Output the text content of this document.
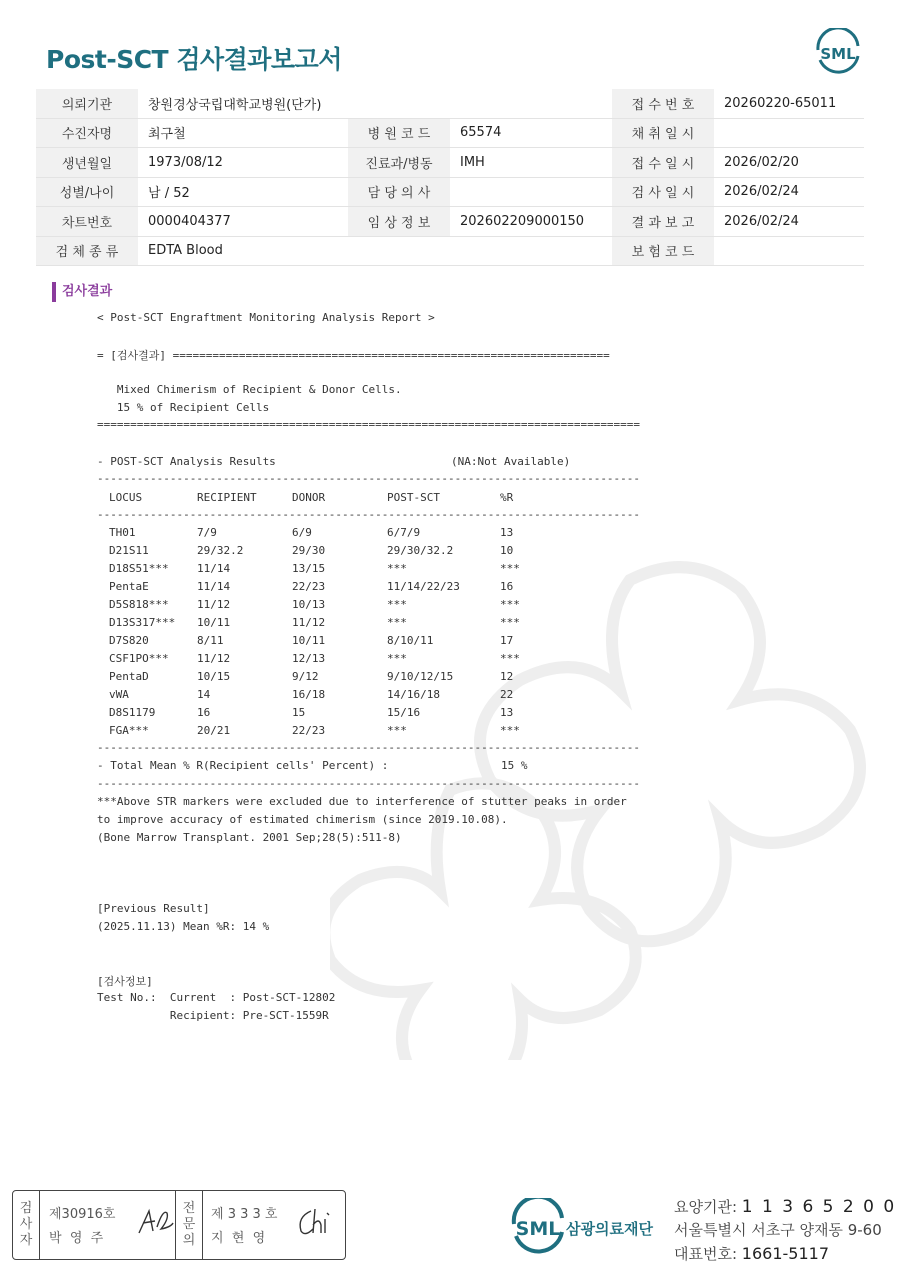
Post-SCT 검사결과보고서	SML
의뢰기관	창원경상국립대학교병원(단가)			접 수 번 호	20260220-65011
수진자명	최구철	병 원 코 드	65574	채 취 일 시	
생년월일	1973/08/12	진료과/병동	IMH	접 수 일 시	2026/02/20
성별/나이	남 / 52	담 당 의 사		검 사 일 시	2026/02/24
차트번호	0000404377	임 상 정 보	202602209000150	결 과 보 고	2026/02/24
검 체 종 류	EDTA Blood			보 험 코 드	
검사결과

< Post-SCT Engraftment Monitoring Analysis Report >

= [검사결과] ==================================================================

Mixed Chimerism of Recipient & Donor Cells.

15 % of Recipient Cells

==================================================================================

- POST-SCT Analysis Results

	(NA:Not Available)

----------------------------------------------------------------------------------

LOCUS	RECIPIENT	DONOR	POST-SCT	%R

----------------------------------------------------------------------------------

TH01	7/9	6/9	6/7/9	13
D21S11	29/32.2	29/30	29/30/32.2	10
D18S51***	11/14	13/15	***	***
PentaE	11/14	22/23	11/14/22/23	16
D5S818***	11/12	10/13	***	***
D13S317*** 10/11	11/12	***	***
D7S820	8/11	10/11	8/10/11	17
CSF1PO***	11/12	12/13	***	***
PentaD	10/15	9/12	9/10/12/15	12
vWA	14	16/18	14/16/18	22
D8S1179	16	15	15/16	13
FGA***	20/21	22/23	***	***

----------------------------------------------------------------------------------

- Total Mean % R(Recipient cells' Percent) :

	15 %

----------------------------------------------------------------------------------

***Above STR markers were excluded due to interference of stutter peaks in order

to improve accuracy of estimated chimerism (since 2019.10.08).

(Bone Marrow Transplant. 2001 Sep;28(5):511-8)

[Previous Result]

(2025.11.13) Mean %R: 14 %

[검사정보]

Test No.:  Current  : Post-SCT-12802

Recipient: Pre-SCT-1559R

검
사
자
제30916호
박  영  주
전
문
의
제 3 3 3 호
지  현  영	SML 삼광의료재단
요양기관: 1 1 3 6 5 2 0 0
서울특별시 서초구 양재동 9-60
대표번호: 1661-5117
